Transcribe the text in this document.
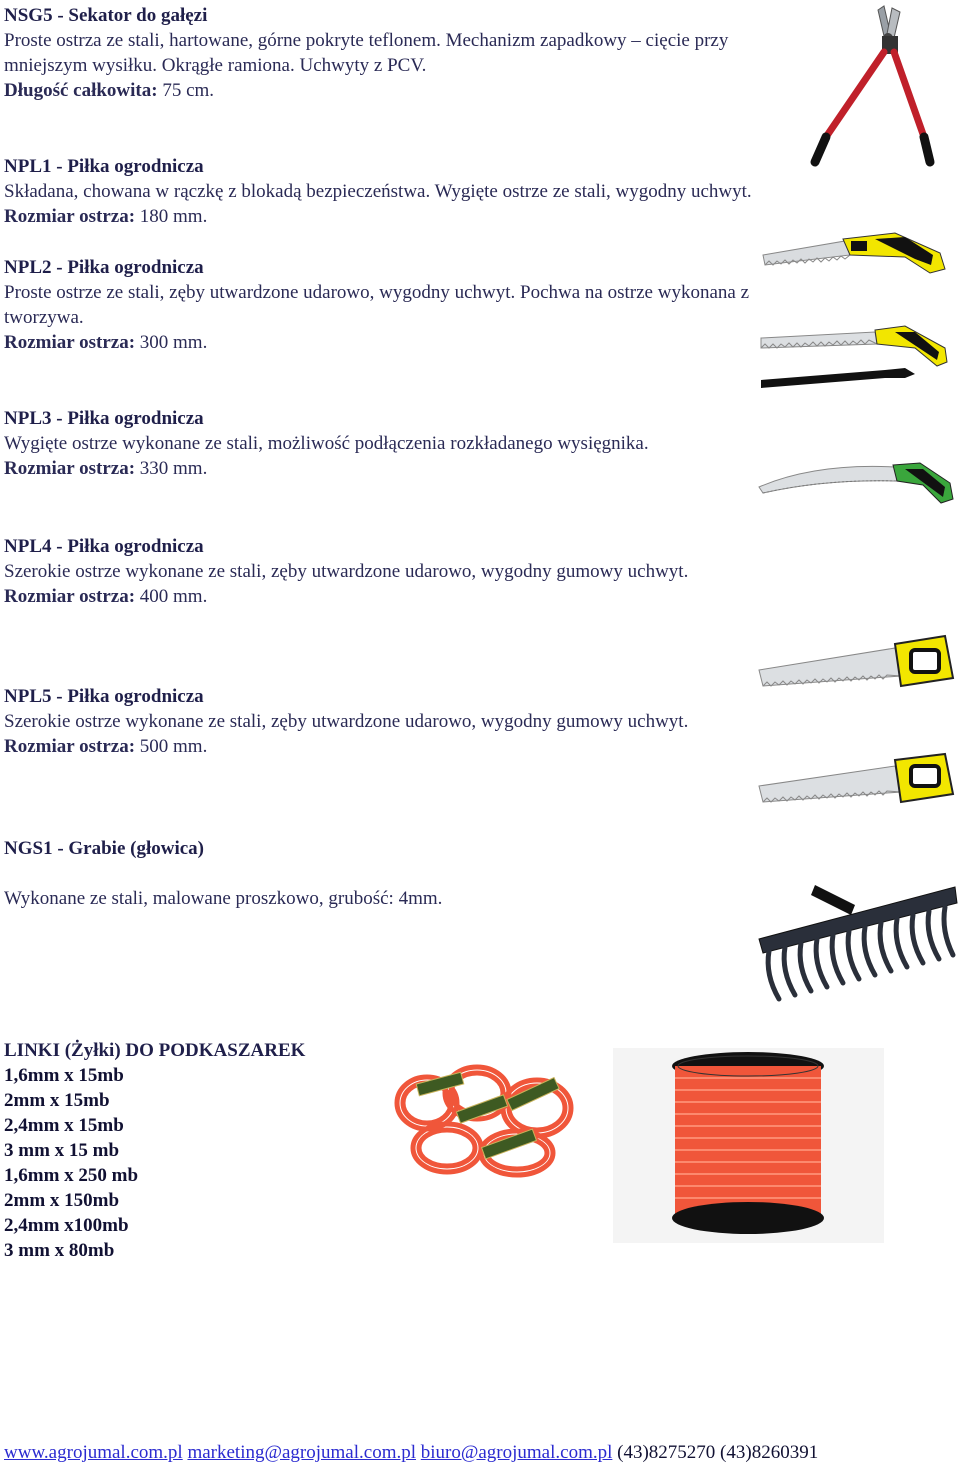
NSG5 - Sekator do gałęzi
Proste ostrza ze stali, hartowane, górne pokryte teflonem. Mechanizm zapadkowy – cięcie przy mniejszym wysiłku. Okrągłe ramiona. Uchwyty z PCV.
Długość całkowita: 75 cm.
NPL1 - Piłka ogrodnicza
Składana, chowana w rączkę z blokadą bezpieczeństwa. Wygięte ostrze ze stali, wygodny uchwyt.
Rozmiar ostrza: 180 mm.
NPL2 - Piłka ogrodnicza
Proste ostrze ze stali, zęby utwardzone udarowo, wygodny uchwyt. Pochwa na ostrze wykonana z tworzywa.
Rozmiar ostrza: 300 mm.
NPL3 - Piłka ogrodnicza
Wygięte ostrze wykonane ze stali, możliwość podłączenia rozkładanego wysięgnika.
Rozmiar ostrza: 330 mm.
NPL4 - Piłka ogrodnicza
Szerokie ostrze wykonane ze stali, zęby utwardzone udarowo, wygodny gumowy uchwyt.
Rozmiar ostrza: 400 mm.
NPL5 - Piłka ogrodnicza
Szerokie ostrze wykonane ze stali, zęby utwardzone udarowo, wygodny gumowy uchwyt.
Rozmiar ostrza: 500 mm.
NGS1 - Grabie (głowica)
Wykonane ze stali, malowane proszkowo, grubość: 4mm.
LINKI (Żyłki) DO PODKASZAREK
1,6mm x 15mb
2mm x 15mb
2,4mm x 15mb
3 mm x 15 mb
1,6mm x 250 mb
2mm x 150mb
2,4mm x100mb
3 mm x 80mb
www.agrojumal.com.pl marketing@agrojumal.com.pl biuro@agrojumal.com.pl (43)8275270 (43)8260391
